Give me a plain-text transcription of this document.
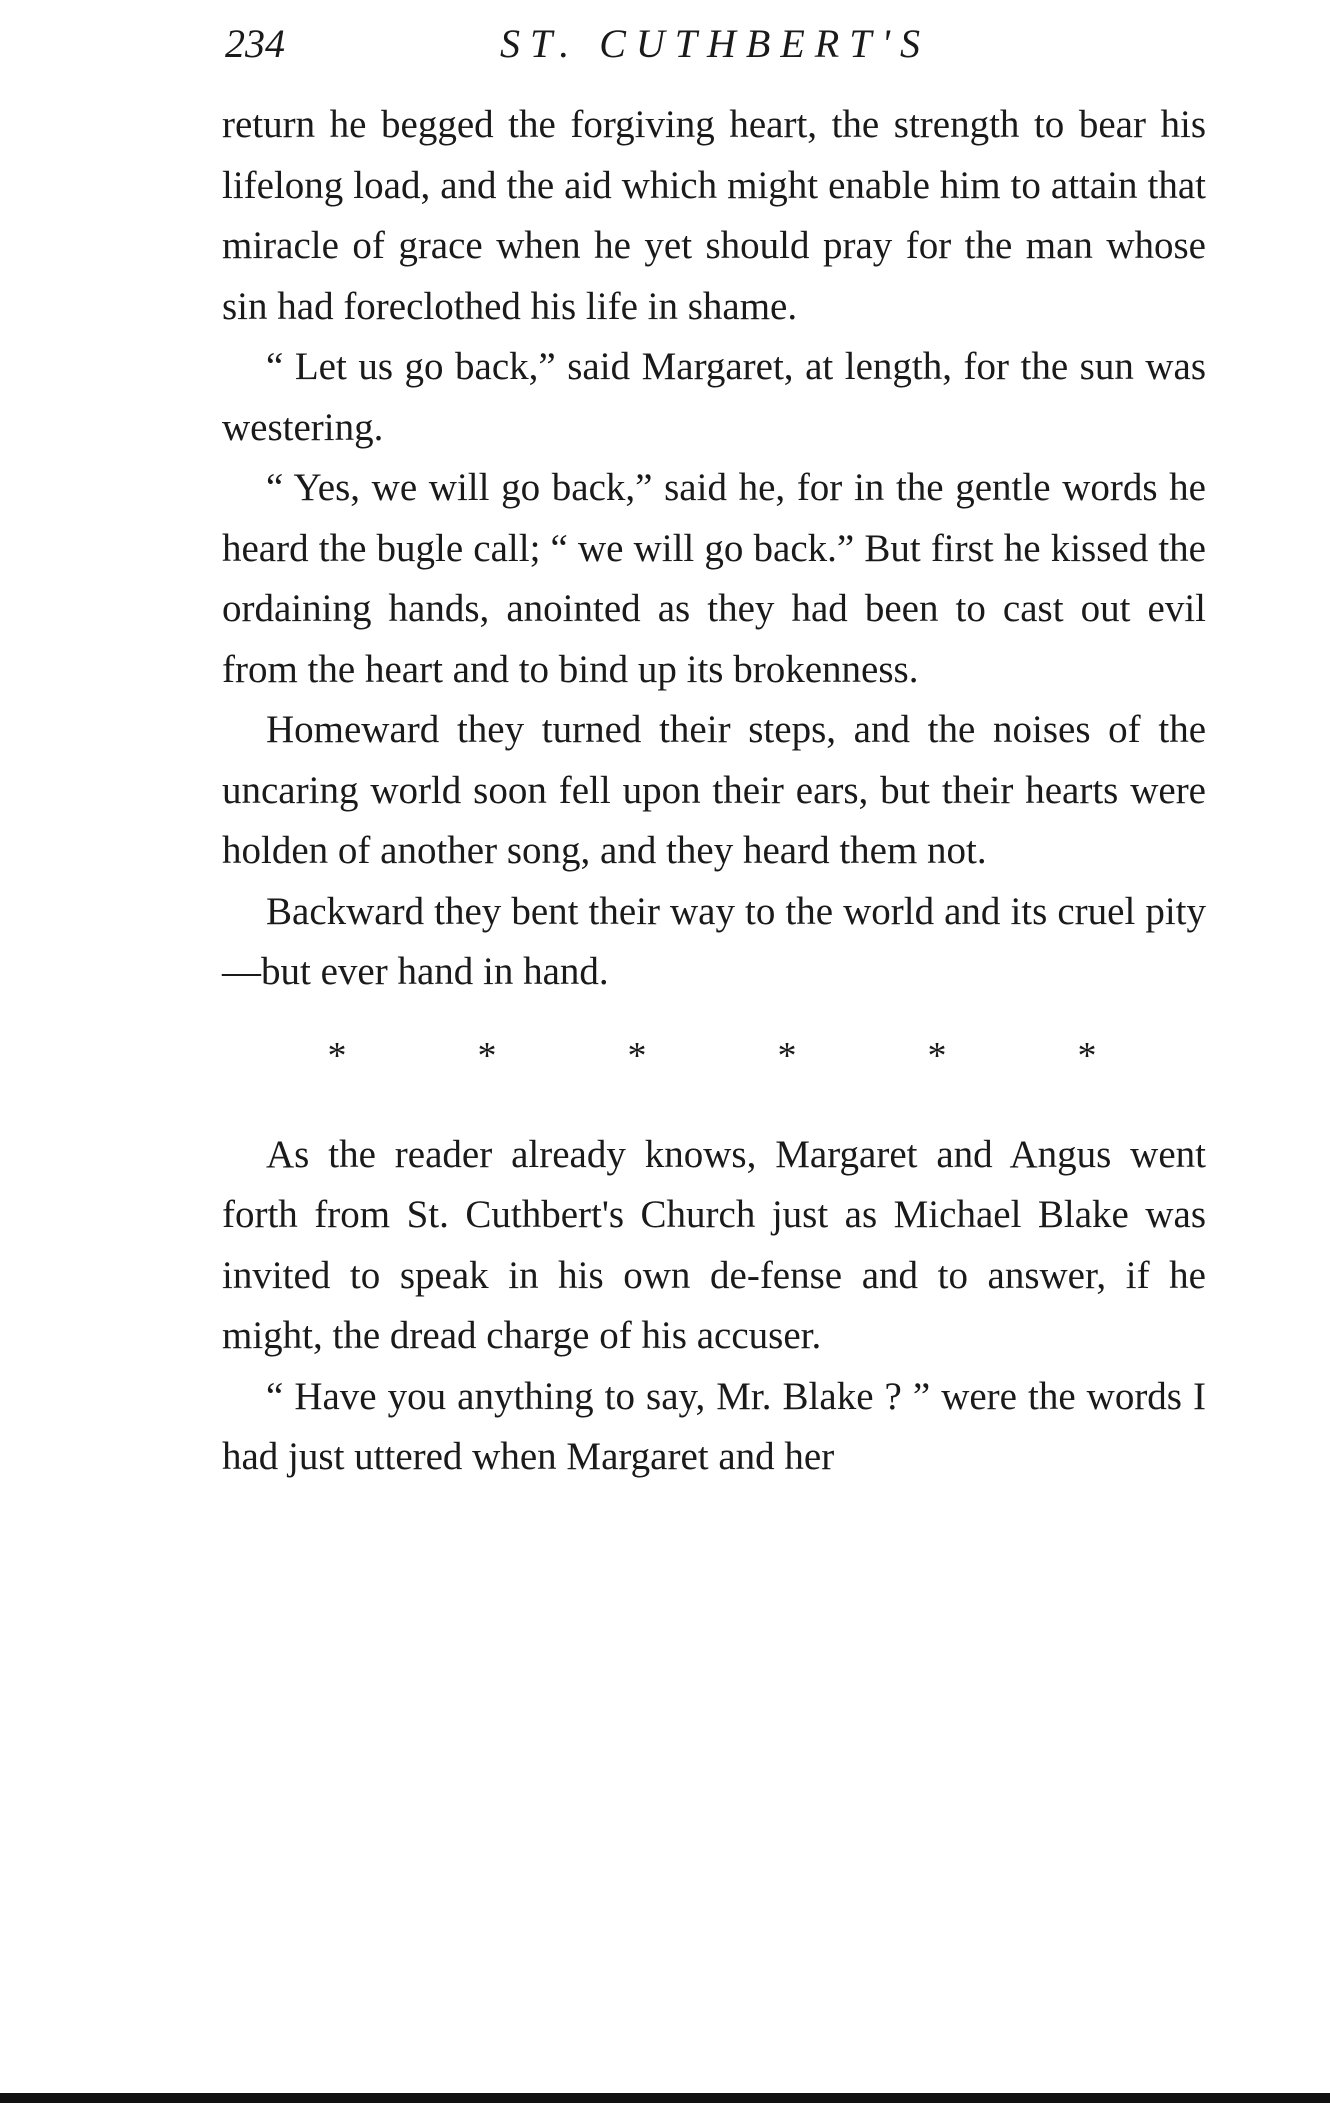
234	ST. CUTHBERT'S

return he begged the forgiving heart, the strength to bear his lifelong load, and the aid which might enable him to attain that miracle of grace when he yet should pray for the man whose sin had foreclothed his life in shame.

“ Let us go back,” said Margaret, at length, for the sun was westering.

“ Yes, we will go back,” said he, for in the gentle words he heard the bugle call; “ we will go back.” But first he kissed the ordaining hands, anointed as they had been to cast out evil from the heart and to bind up its brokenness.

Homeward they turned their steps, and the noises of the uncaring world soon fell upon their ears, but their hearts were holden of another song, and they heard them not.

Backward they bent their way to the world and its cruel pity—but ever hand in hand.

*	*	*	*	*	*

As the reader already knows, Margaret and Angus went forth from St. Cuthbert's Church just as Michael Blake was invited to speak in his own de-fense and to answer, if he might, the dread charge of his accuser.

“ Have you anything to say, Mr. Blake ? ” were the words I had just uttered when Margaret and her
